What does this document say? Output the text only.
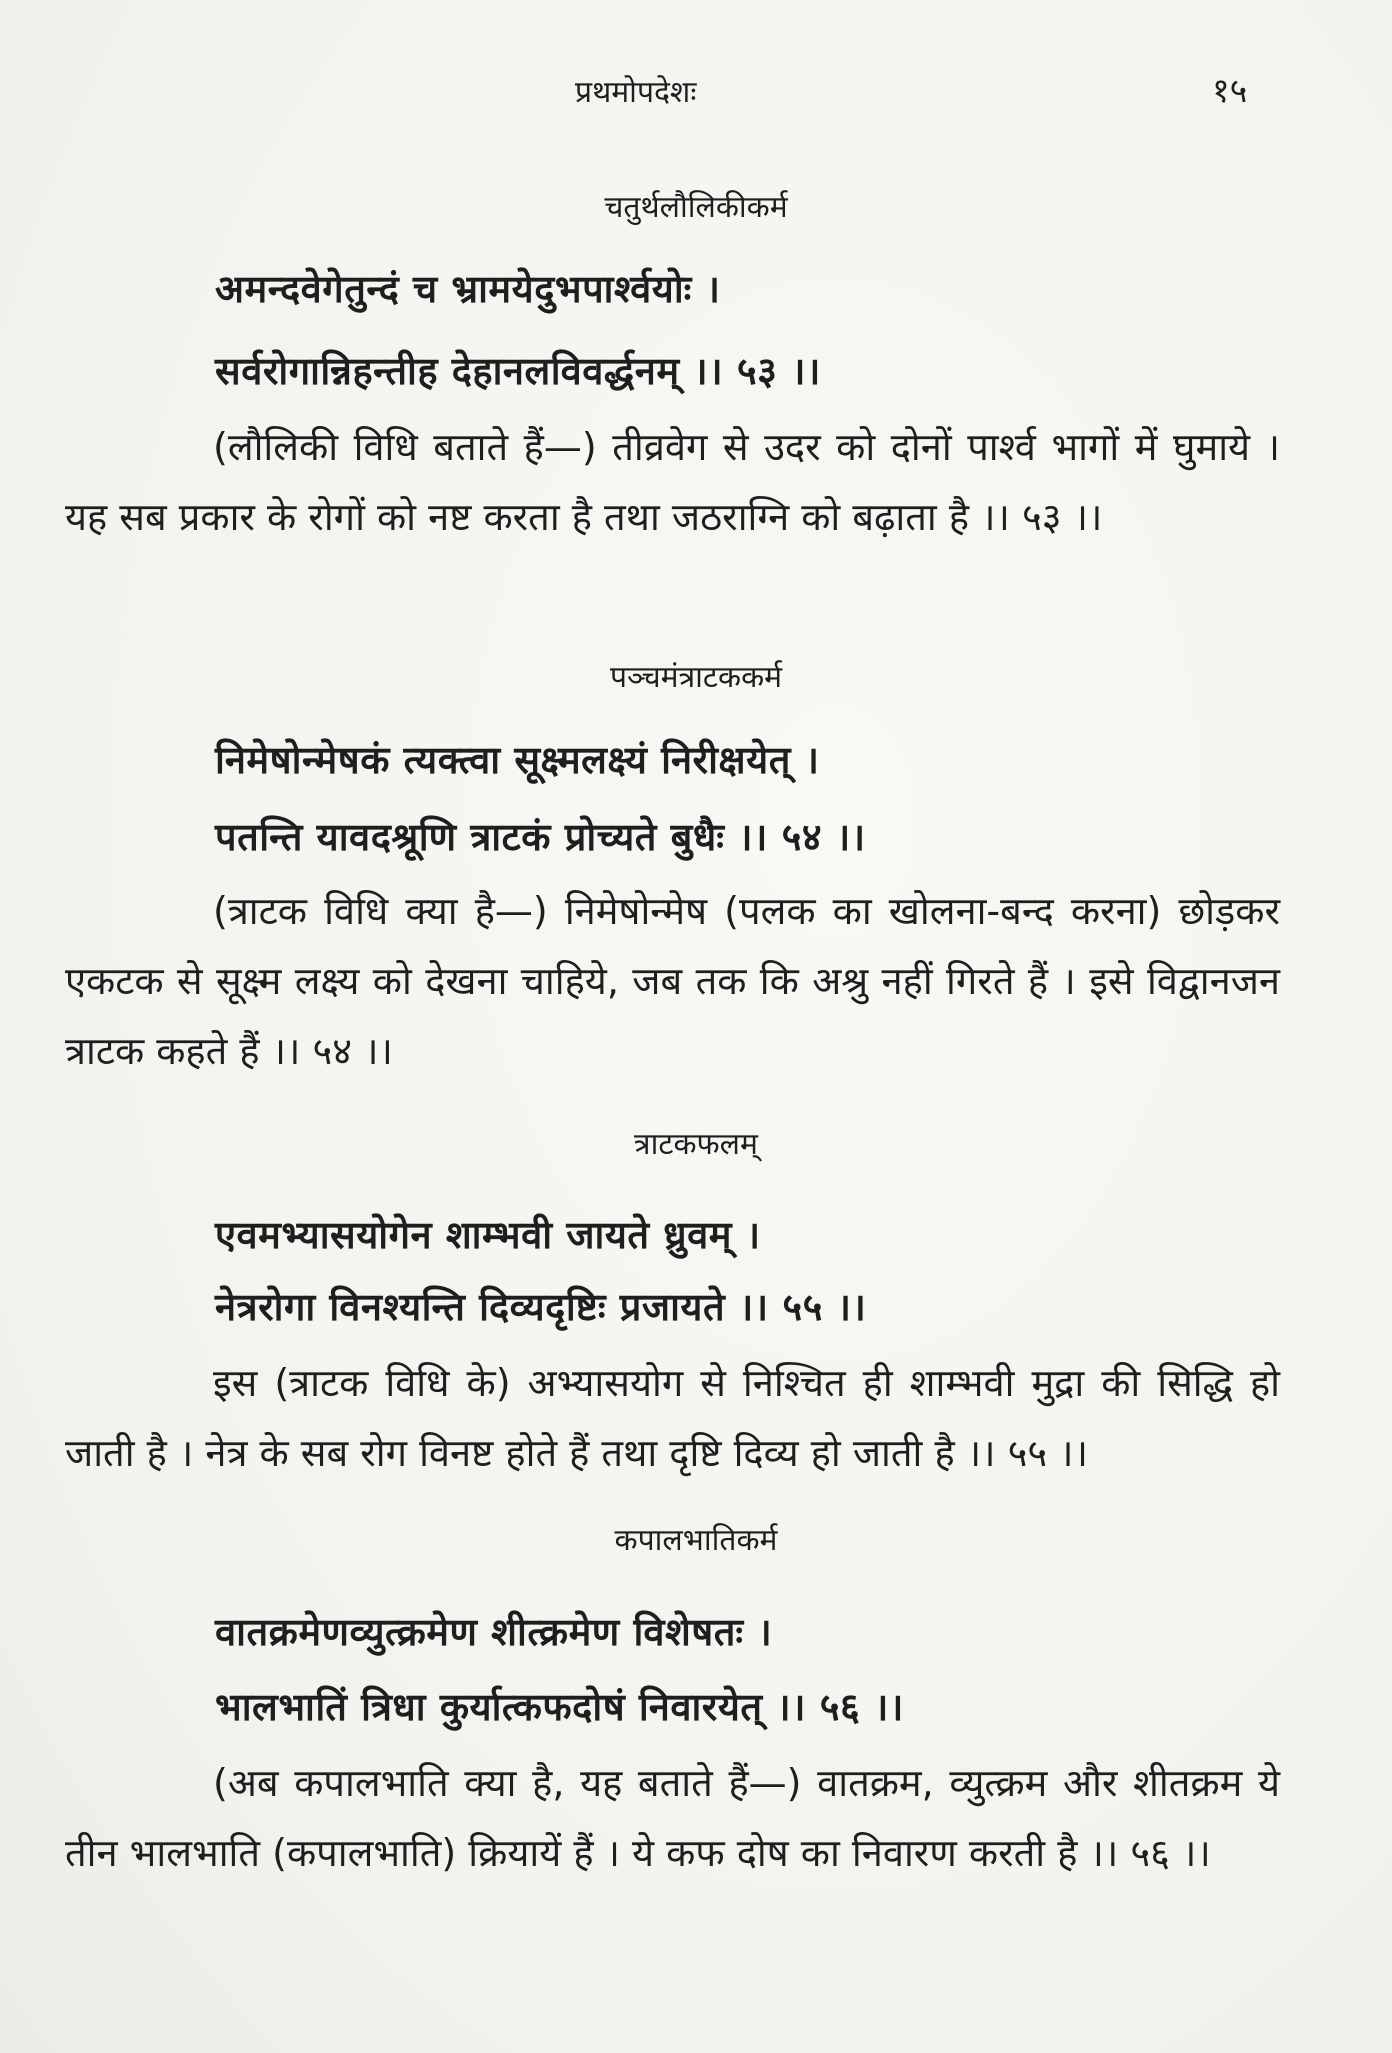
प्रथमोपदेशः	१५
चतुर्थलौलिकीकर्म
अमन्दवेगेतुन्दं च भ्रामयेदुभपार्श्वयोः ।
सर्वरोगान्निहन्तीह देहानलविवर्द्धनम् ।। ५३ ।।
(लौलिकी विधि बताते हैं—) तीव्रवेग से उदर को दोनों पार्श्व भागों में घुमाये । यह सब प्रकार के रोगों को नष्ट करता है तथा जठराग्नि को बढ़ाता है ।। ५३ ।।
पञ्चमंत्राटककर्म
निमेषोन्मेषकं त्यक्त्वा सूक्ष्मलक्ष्यं निरीक्षयेत् ।
पतन्ति यावदश्रूणि त्राटकं प्रोच्यते बुधैः ।। ५४ ।।
(त्राटक विधि क्या है—) निमेषोन्मेष (पलक का खोलना-बन्द करना) छोड़कर एकटक से सूक्ष्म लक्ष्य को देखना चाहिये, जब तक कि अश्रु नहीं गिरते हैं । इसे विद्वानजन त्राटक कहते हैं ।। ५४ ।।
त्राटकफलम्
एवमभ्यासयोगेन शाम्भवी जायते ध्रुवम् ।
नेत्ररोगा विनश्यन्ति दिव्यदृष्टिः प्रजायते ।। ५५ ।।
इस (त्राटक विधि के) अभ्यासयोग से निश्चित ही शाम्भवी मुद्रा की सिद्धि हो जाती है । नेत्र के सब रोग विनष्ट होते हैं तथा दृष्टि दिव्य हो जाती है ।। ५५ ।।
कपालभातिकर्म
वातक्रमेणव्युत्क्रमेण शीत्क्रमेण विशेषतः ।
भालभातिं त्रिधा कुर्यात्कफदोषं निवारयेत् ।। ५६ ।।
(अब कपालभाति क्या है, यह बताते हैं—) वातक्रम, व्युत्क्रम और शीतक्रम ये तीन भालभाति (कपालभाति) क्रियायें हैं । ये कफ दोष का निवारण करती है ।। ५६ ।।
